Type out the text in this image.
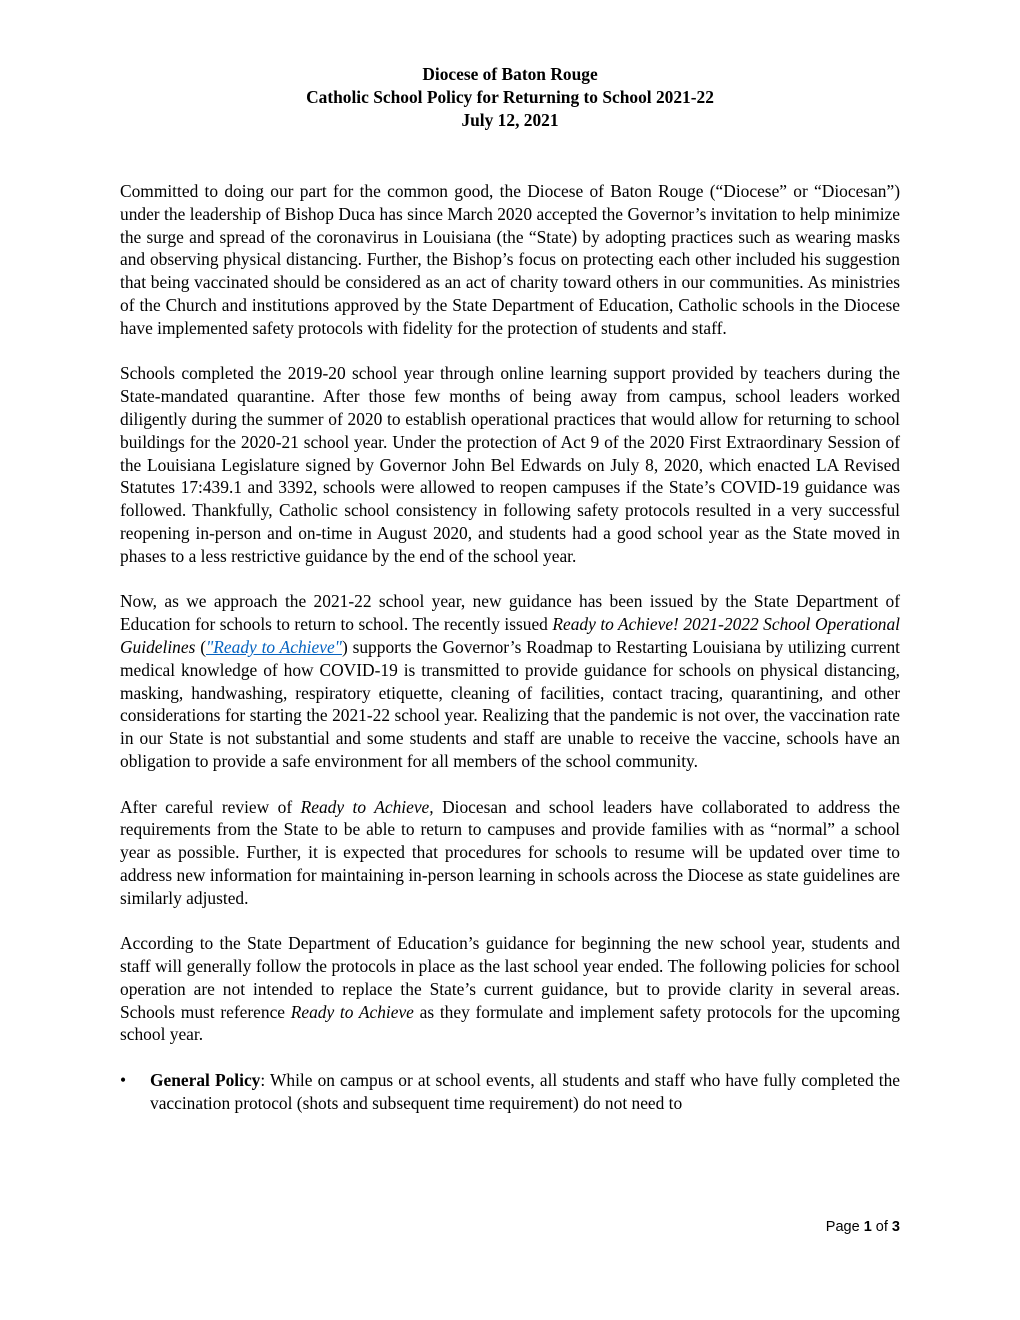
Diocese of Baton Rouge
Catholic School Policy for Returning to School 2021-22
July 12, 2021

Committed to doing our part for the common good, the Diocese of Baton Rouge (“Diocese” or “Diocesan”) under the leadership of Bishop Duca has since March 2020 accepted the Governor’s invitation to help minimize the surge and spread of the coronavirus in Louisiana (the “State) by adopting practices such as wearing masks and observing physical distancing. Further, the Bishop’s focus on protecting each other included his suggestion that being vaccinated should be considered as an act of charity toward others in our communities. As ministries of the Church and institutions approved by the State Department of Education, Catholic schools in the Diocese have implemented safety protocols with fidelity for the protection of students and staff.

Schools completed the 2019-20 school year through online learning support provided by teachers during the State-mandated quarantine. After those few months of being away from campus, school leaders worked diligently during the summer of 2020 to establish operational practices that would allow for returning to school buildings for the 2020-21 school year. Under the protection of Act 9 of the 2020 First Extraordinary Session of the Louisiana Legislature signed by Governor John Bel Edwards on July 8, 2020, which enacted LA Revised Statutes 17:439.1 and 3392, schools were allowed to reopen campuses if the State’s COVID-19 guidance was followed. Thankfully, Catholic school consistency in following safety protocols resulted in a very successful reopening in-person and on-time in August 2020, and students had a good school year as the State moved in phases to a less restrictive guidance by the end of the school year.

Now, as we approach the 2021-22 school year, new guidance has been issued by the State Department of Education for schools to return to school. The recently issued Ready to Achieve! 2021-2022 School Operational Guidelines ("Ready to Achieve") supports the Governor’s Roadmap to Restarting Louisiana by utilizing current medical knowledge of how COVID-19 is transmitted to provide guidance for schools on physical distancing, masking, handwashing, respiratory etiquette, cleaning of facilities, contact tracing, quarantining, and other considerations for starting the 2021-22 school year. Realizing that the pandemic is not over, the vaccination rate in our State is not substantial and some students and staff are unable to receive the vaccine, schools have an obligation to provide a safe environment for all members of the school community.

After careful review of Ready to Achieve, Diocesan and school leaders have collaborated to address the requirements from the State to be able to return to campuses and provide families with as “normal” a school year as possible. Further, it is expected that procedures for schools to resume will be updated over time to address new information for maintaining in-person learning in schools across the Diocese as state guidelines are similarly adjusted.

According to the State Department of Education’s guidance for beginning the new school year, students and staff will generally follow the protocols in place as the last school year ended. The following policies for school operation are not intended to replace the State’s current guidance, but to provide clarity in several areas. Schools must reference Ready to Achieve as they formulate and implement safety protocols for the upcoming school year.

• General Policy: While on campus or at school events, all students and staff who have fully completed the vaccination protocol (shots and subsequent time requirement) do not need to
Page 1 of 3
